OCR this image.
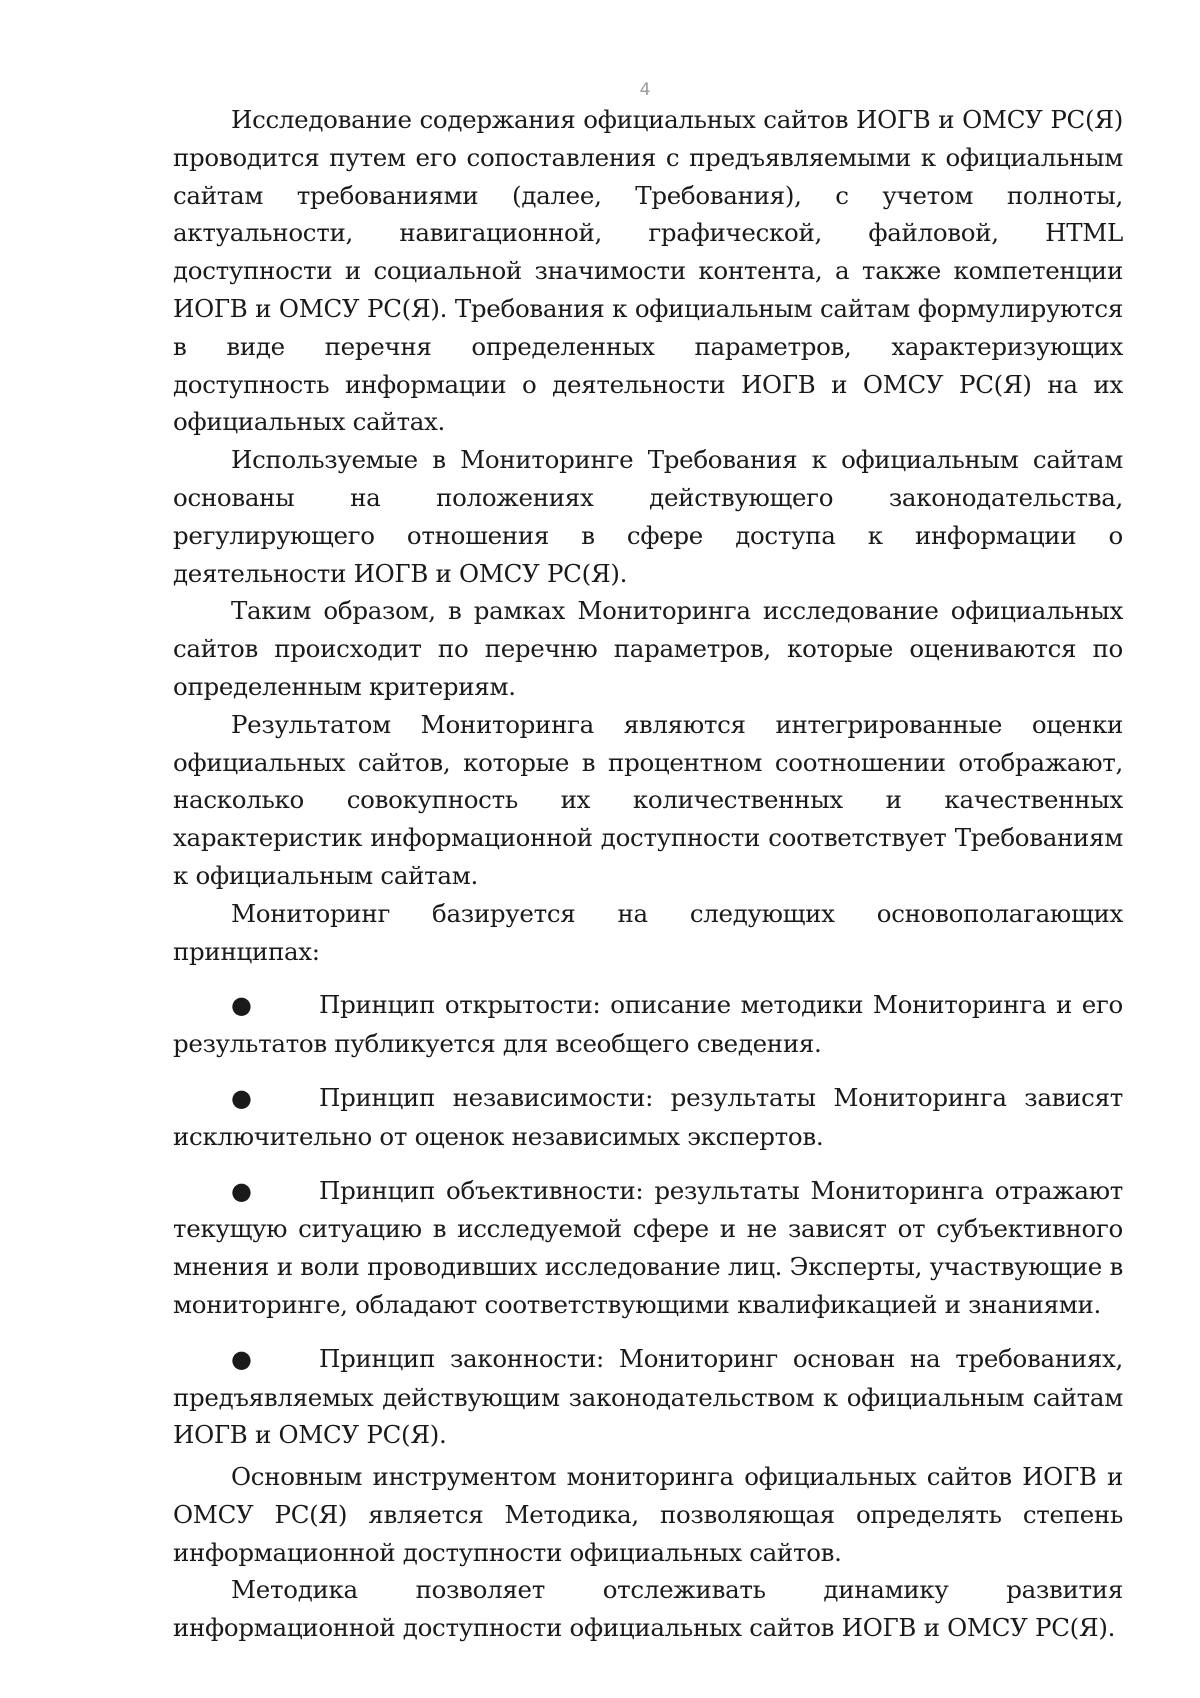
4

Исследование содержания официальных сайтов ИОГВ и ОМСУ РС(Я) проводится путем его сопоставления с предъявляемыми к официальным сайтам требованиями (далее, Требования), с учетом полноты, актуальности, навигационной, графической, файловой, HTML доступности и социальной значимости контента, а также компетенции ИОГВ и ОМСУ РС(Я). Требования к официальным сайтам формулируются в виде перечня определенных параметров, характеризующих доступность информации о деятельности ИОГВ и ОМСУ РС(Я) на их официальных сайтах.

Используемые в Мониторинге Требования к официальным сайтам основаны на положениях действующего законодательства, регулирующего отношения в сфере доступа к информации о деятельности ИОГВ и ОМСУ РС(Я).

Таким образом, в рамках Мониторинга исследование официальных сайтов происходит по перечню параметров, которые оцениваются по определенным критериям.

Результатом Мониторинга являются интегрированные оценки официальных сайтов, которые в процентном соотношении отображают, насколько совокупность их количественных и качественных характеристик информационной доступности соответствует Требованиям к официальным сайтам.

Мониторинг базируется на следующих основополагающих принципах:

●	Принцип открытости: описание методики Мониторинга и его результатов публикуется для всеобщего сведения.

●	Принцип независимости: результаты Мониторинга зависят исключительно от оценок независимых экспертов.

●	Принцип объективности: результаты Мониторинга отражают текущую ситуацию в исследуемой сфере и не зависят от субъективного мнения и воли проводивших исследование лиц. Эксперты, участвующие в мониторинге, обладают соответствующими квалификацией и знаниями.

●	Принцип законности: Мониторинг основан на требованиях, предъявляемых действующим законодательством к официальным сайтам ИОГВ и ОМСУ РС(Я).

Основным инструментом мониторинга официальных сайтов ИОГВ и ОМСУ РС(Я) является Методика, позволяющая определять степень информационной доступности официальных сайтов.

Методика позволяет отслеживать динамику развития информационной доступности официальных сайтов ИОГВ и ОМСУ РС(Я).
